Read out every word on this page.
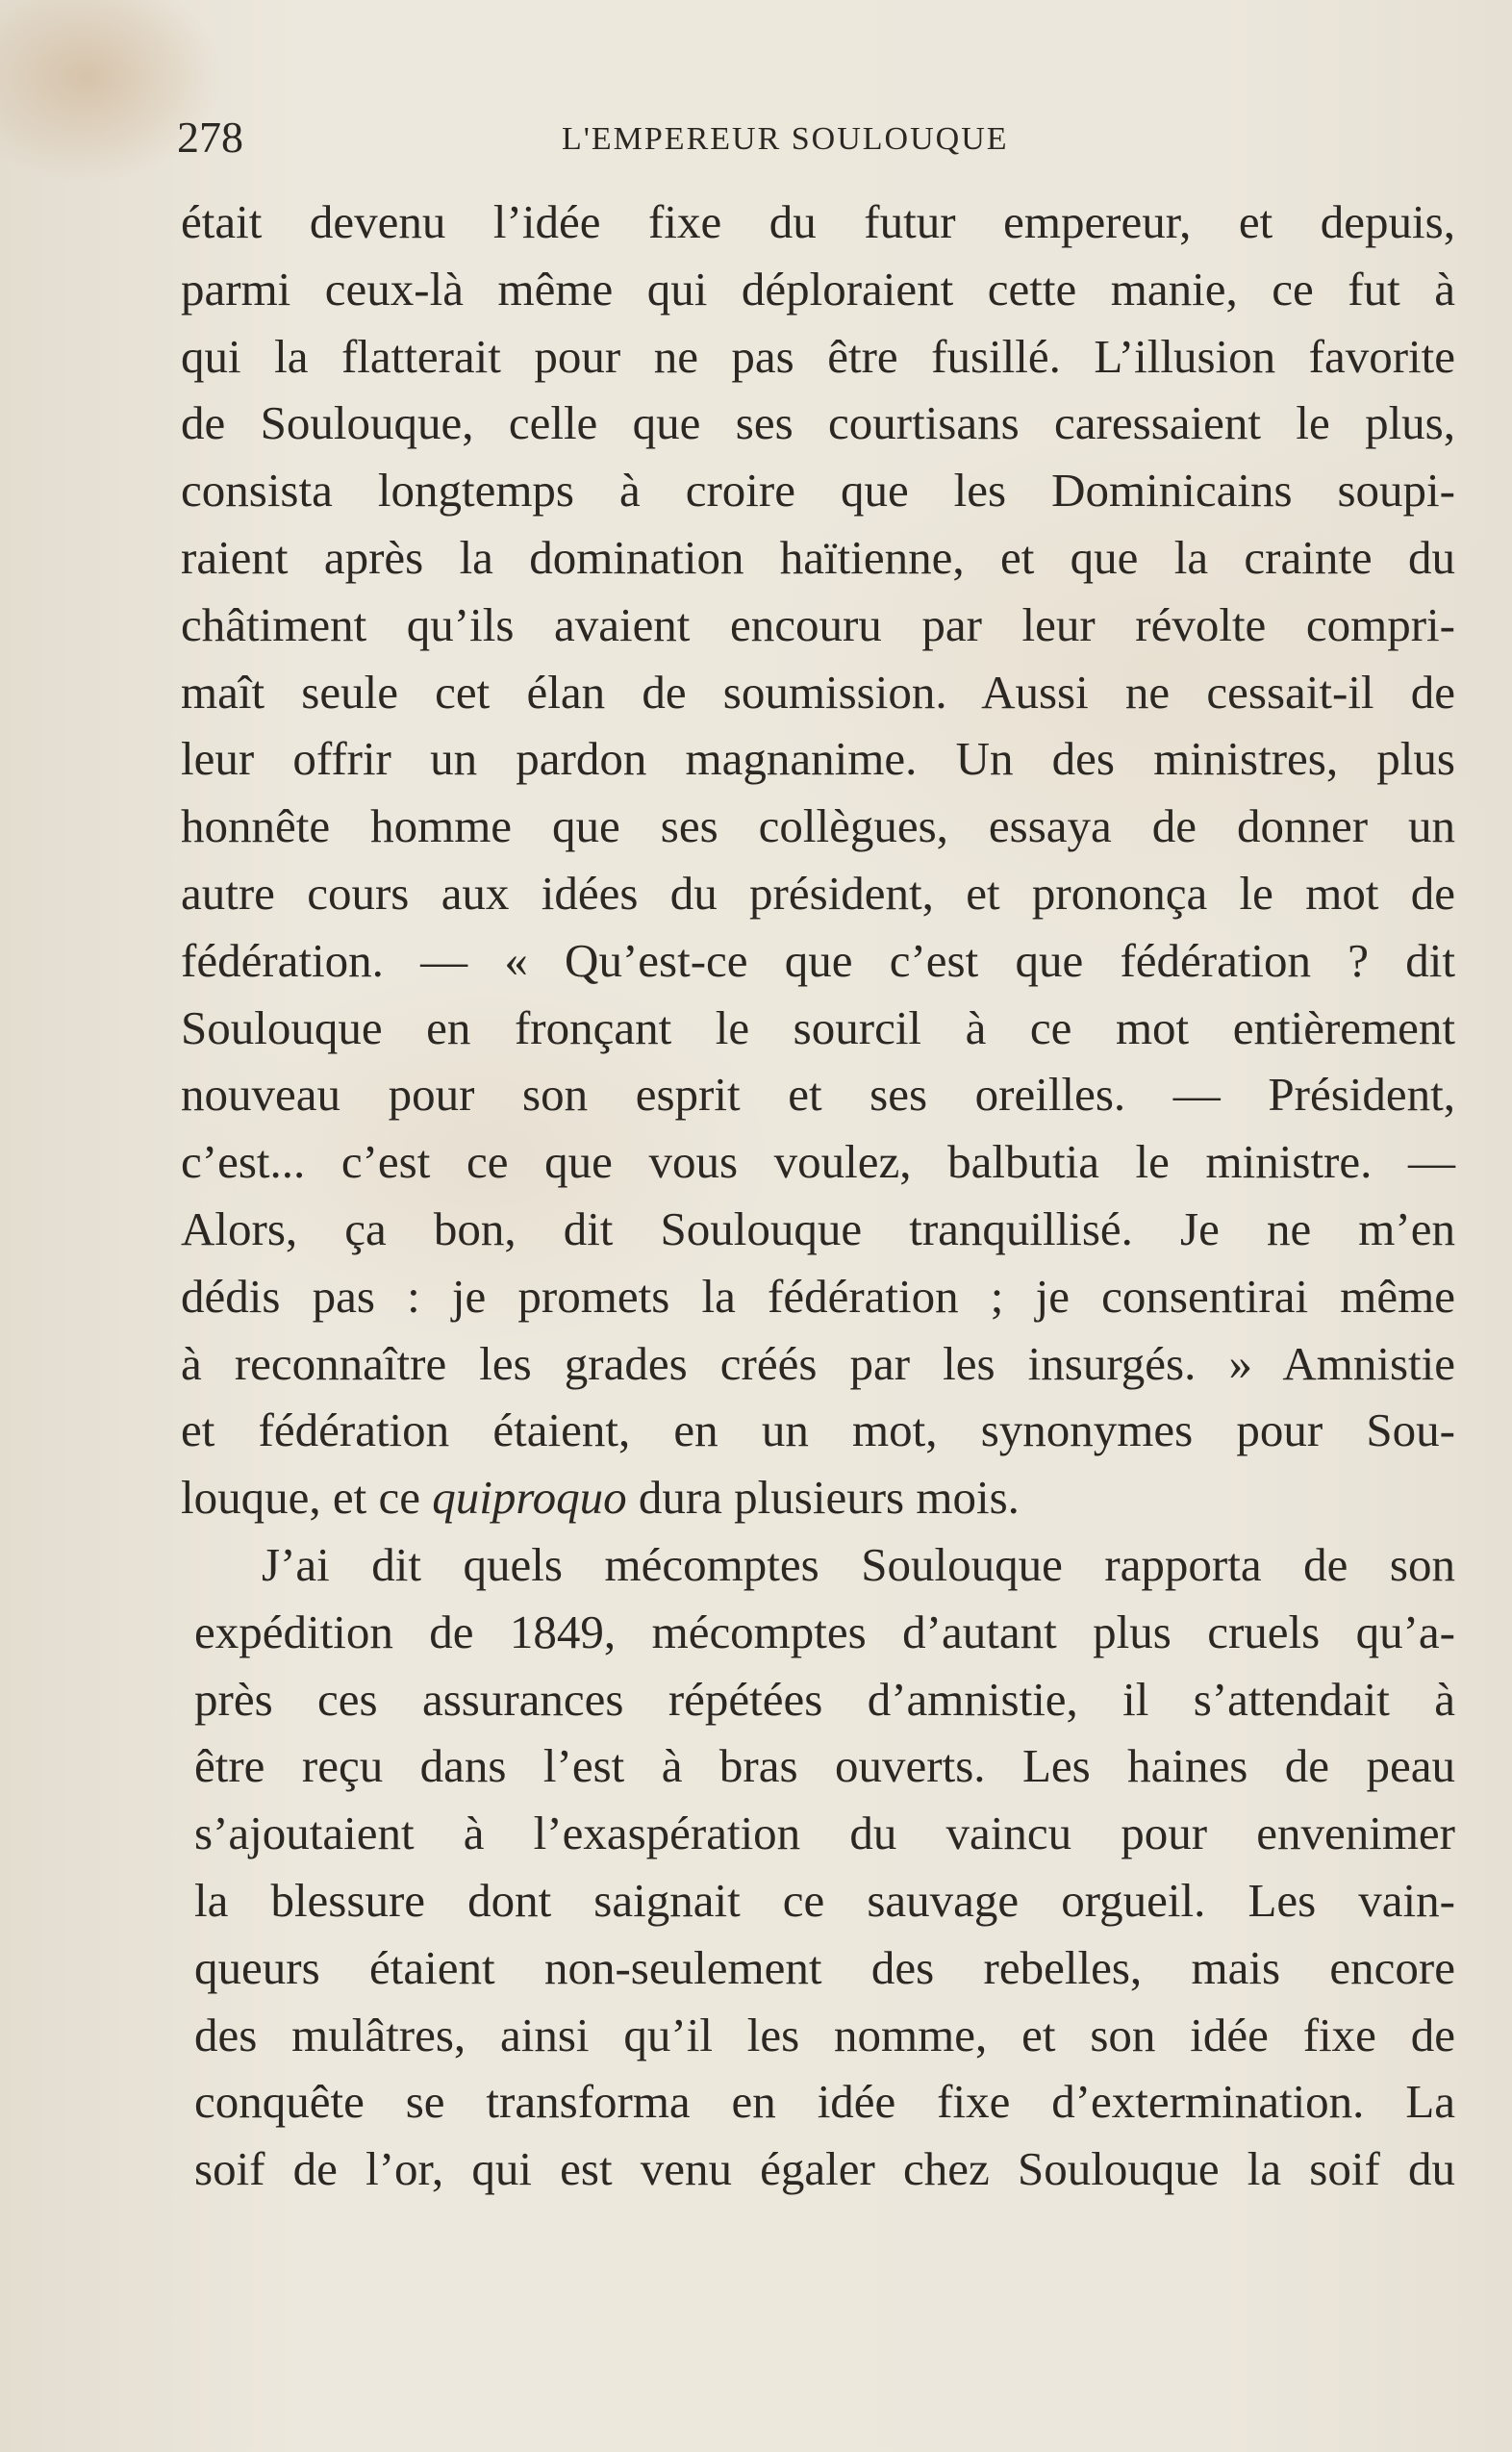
278	L'EMPEREUR SOULOUQUE
était devenu l’idée fixe du futur empereur, et depuis,
parmi ceux-là même qui déploraient cette manie, ce fut à
qui la flatterait pour ne pas être fusillé. L’illusion favorite
de Soulouque, celle que ses courtisans caressaient le plus,
consista longtemps à croire que les Dominicains soupi-
raient après la domination haïtienne, et que la crainte du
châtiment qu’ils avaient encouru par leur révolte compri-
maît seule cet élan de soumission. Aussi ne cessait-il de
leur offrir un pardon magnanime. Un des ministres, plus
honnête homme que ses collègues, essaya de donner un
autre cours aux idées du président, et prononça le mot de
fédération. — « Qu’est-ce que c’est que fédération ? dit
Soulouque en fronçant le sourcil à ce mot entièrement
nouveau pour son esprit et ses oreilles. — Président,
c’est... c’est ce que vous voulez, balbutia le ministre. —
Alors, ça bon, dit Soulouque tranquillisé. Je ne m’en
dédis pas : je promets la fédération ; je consentirai même
à reconnaître les grades créés par les insurgés. » Amnistie
et fédération étaient, en un mot, synonymes pour Sou-
louque, et ce quiproquo dura plusieurs mois.
J’ai dit quels mécomptes Soulouque rapporta de son
expédition de 1849, mécomptes d’autant plus cruels qu’a-
près ces assurances répétées d’amnistie, il s’attendait à
être reçu dans l’est à bras ouverts. Les haines de peau
s’ajoutaient à l’exaspération du vaincu pour envenimer
la blessure dont saignait ce sauvage orgueil. Les vain-
queurs étaient non-seulement des rebelles, mais encore
des mulâtres, ainsi qu’il les nomme, et son idée fixe de
conquête se transforma en idée fixe d’extermination. La
soif de l’or, qui est venu égaler chez Soulouque la soif du
